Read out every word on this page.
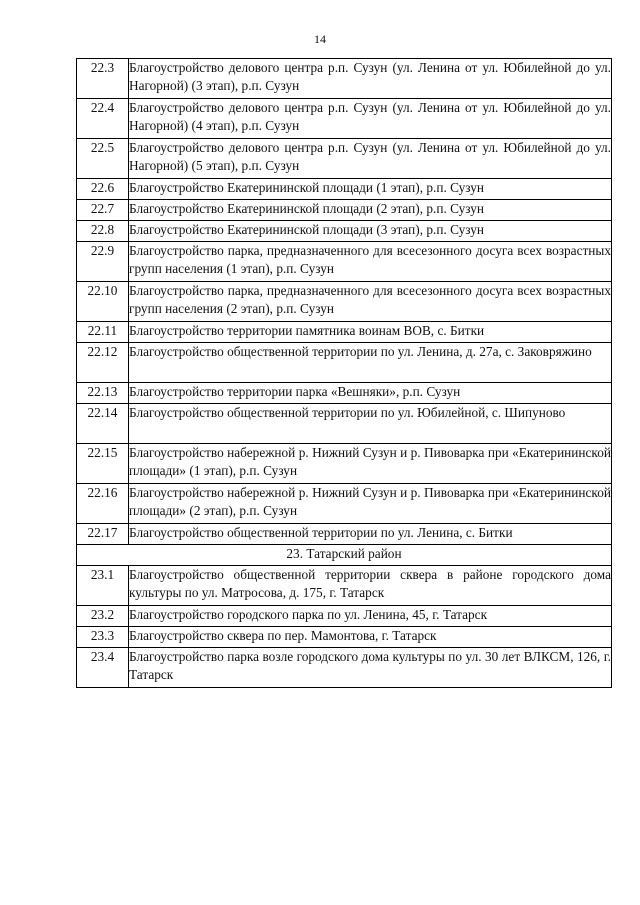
14
22.3	Благоустройство делового центра р.п. Сузун (ул. Ленина от ул. Юбилейной до ул. Нагорной) (3 этап), р.п. Сузун
22.4	Благоустройство делового центра р.п. Сузун (ул. Ленина от ул. Юбилейной до ул. Нагорной) (4 этап), р.п. Сузун
22.5	Благоустройство делового центра р.п. Сузун (ул. Ленина от ул. Юбилейной до ул. Нагорной) (5 этап), р.п. Сузун
22.6	Благоустройство Екатерининской площади (1 этап), р.п. Сузун
22.7	Благоустройство Екатерининской площади (2 этап), р.п. Сузун
22.8	Благоустройство Екатерининской площади (3 этап), р.п. Сузун
22.9	Благоустройство парка, предназначенного для всесезонного досуга всех возрастных групп населения (1 этап), р.п. Сузун
22.10	Благоустройство парка, предназначенного для всесезонного досуга всех возрастных групп населения (2 этап), р.п. Сузун
22.11	Благоустройство территории памятника воинам ВОВ, с. Битки
22.12	Благоустройство общественной территории по ул. Ленина, д. 27а, с. Заковряжино
22.13	Благоустройство территории парка «Вешняки», р.п. Сузун
22.14	Благоустройство общественной территории по ул. Юбилейной, с. Шипуново
22.15	Благоустройство набережной р. Нижний Сузун и р. Пивоварка при «Екатерининской площади» (1 этап), р.п. Сузун
22.16	Благоустройство набережной р. Нижний Сузун и р. Пивоварка при «Екатерининской площади» (2 этап), р.п. Сузун
22.17	Благоустройство общественной территории по ул. Ленина, с. Битки
23. Татарский район	
23.1	Благоустройство общественной территории сквера в районе городского дома культуры по ул. Матросова, д. 175, г. Татарск
23.2	Благоустройство городского парка по ул. Ленина, 45, г. Татарск
23.3	Благоустройство сквера по пер. Мамонтова, г. Татарск
23.4	Благоустройство парка возле городского дома культуры по ул. 30 лет ВЛКСМ, 126, г. Татарск
